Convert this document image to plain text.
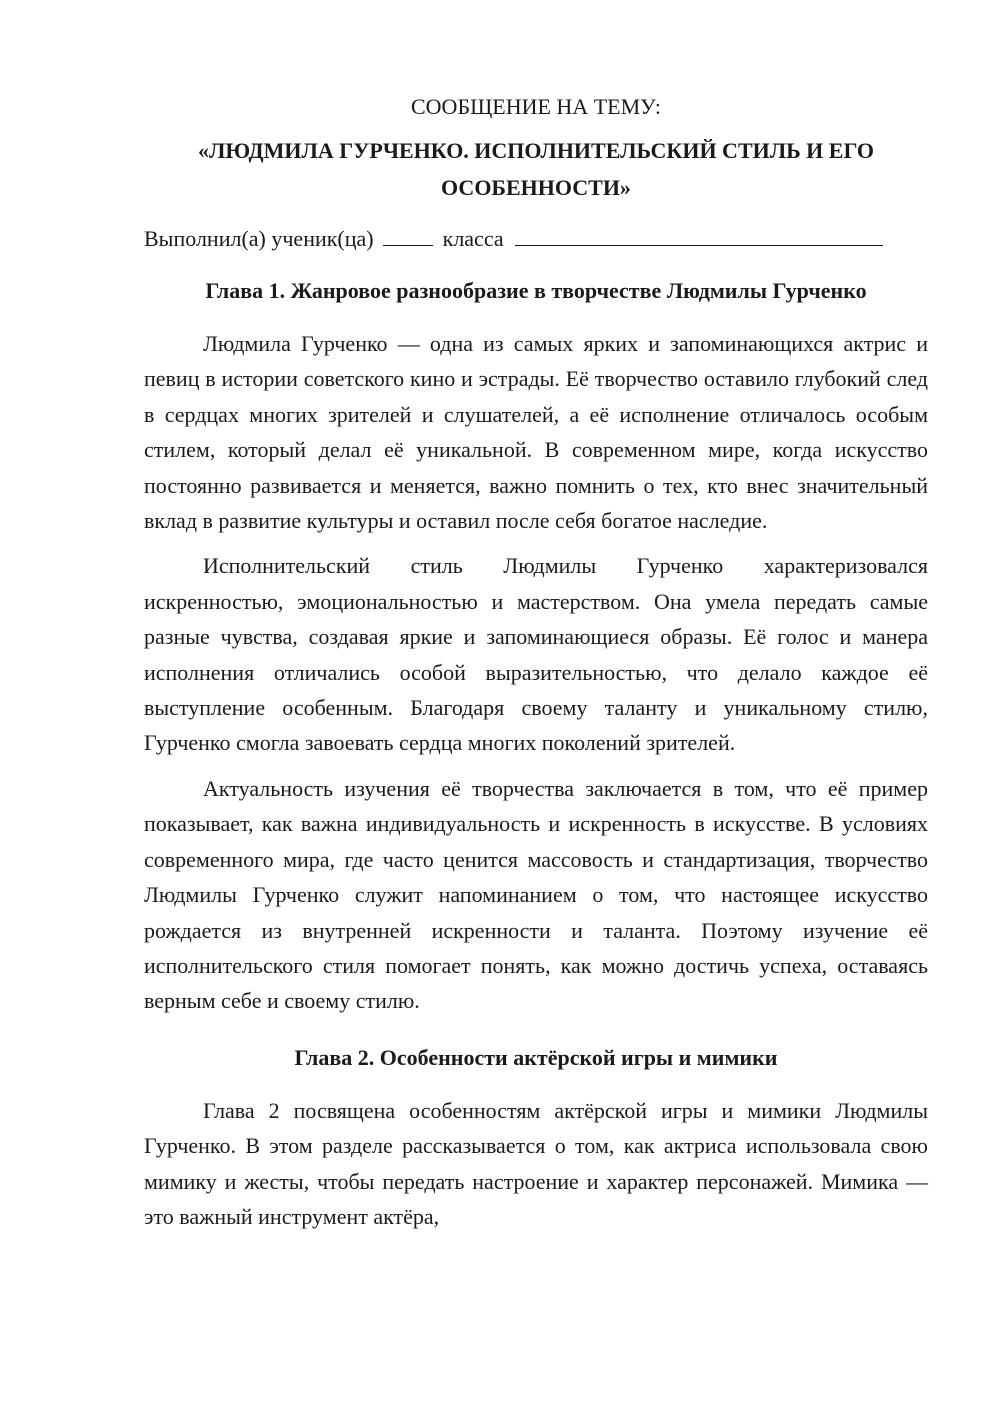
СООБЩЕНИЕ НА ТЕМУ:

«ЛЮДМИЛА ГУРЧЕНКО. ИСПОЛНИТЕЛЬСКИЙ СТИЛЬ И ЕГО ОСОБЕННОСТИ»

Выполнил(а) ученик(ца)	класса

Глава 1. Жанровое разнообразие в творчестве Людмилы Гурченко

Людмила Гурченко — одна из самых ярких и запоминающихся актрис и певиц в истории советского кино и эстрады. Её творчество оставило глубокий след в сердцах многих зрителей и слушателей, а её исполнение отличалось особым стилем, который делал её уникальной. В современном мире, когда искусство постоянно развивается и меняется, важно помнить о тех, кто внес значительный вклад в развитие культуры и оставил после себя богатое наследие.

Исполнительский стиль Людмилы Гурченко характеризовался искренностью, эмоциональностью и мастерством. Она умела передать самые разные чувства, создавая яркие и запоминающиеся образы. Её голос и манера исполнения отличались особой выразительностью, что делало каждое её выступление особенным. Благодаря своему таланту и уникальному стилю, Гурченко смогла завоевать сердца многих поколений зрителей.

Актуальность изучения её творчества заключается в том, что её пример показывает, как важна индивидуальность и искренность в искусстве. В условиях современного мира, где часто ценится массовость и стандартизация, творчество Людмилы Гурченко служит напоминанием о том, что настоящее искусство рождается из внутренней искренности и таланта. Поэтому изучение её исполнительского стиля помогает понять, как можно достичь успеха, оставаясь верным себе и своему стилю.

Глава 2. Особенности актёрской игры и мимики

Глава 2 посвящена особенностям актёрской игры и мимики Людмилы Гурченко. В этом разделе рассказывается о том, как актриса использовала свою мимику и жесты, чтобы передать настроение и характер персонажей. Мимика — это важный инструмент актёра,
